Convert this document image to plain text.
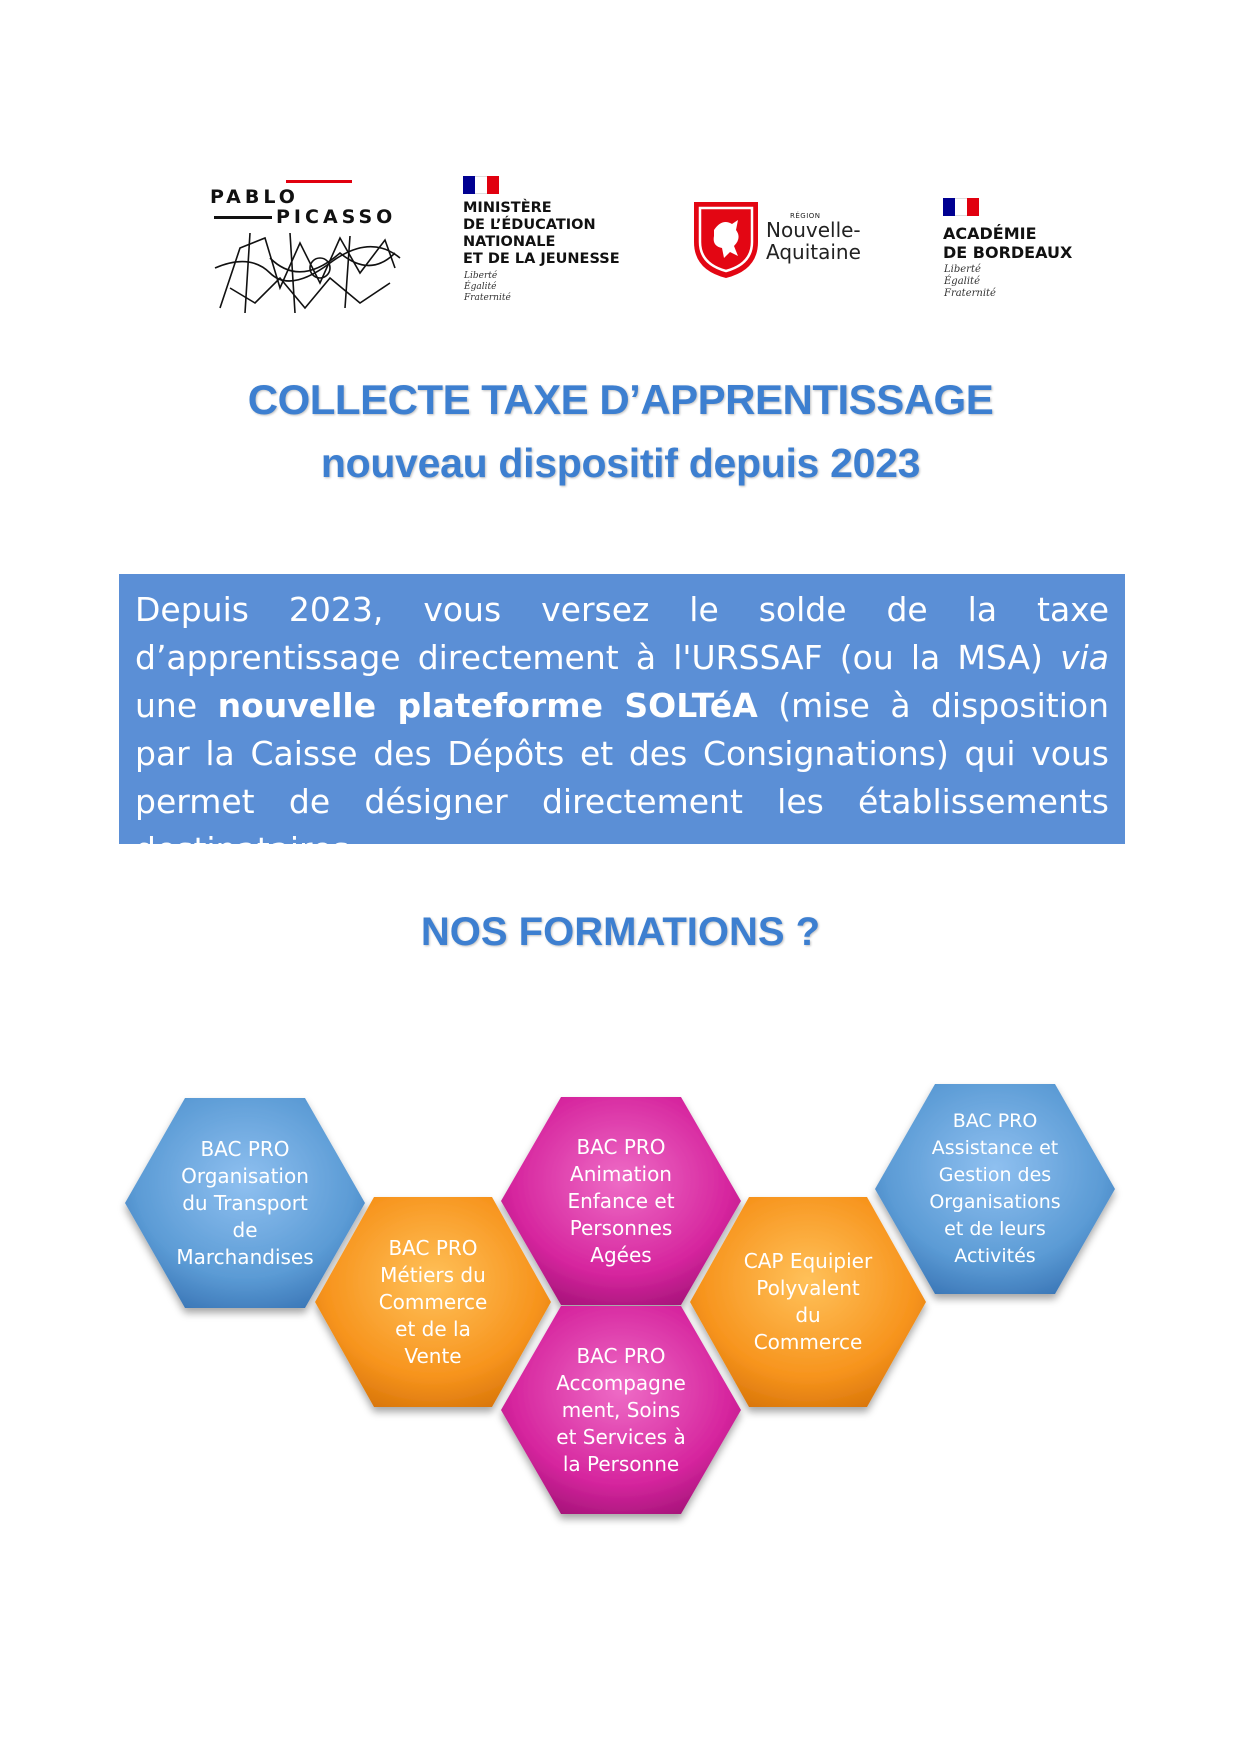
PABLO
PICASSO	MINISTÈRE
DE L’ÉDUCATION
NATIONALE
ET DE LA JEUNESSE
Liberté
Égalité
Fraternité
RÉGION
Nouvelle-
Aquitaine
ACADÉMIE
DE BORDEAUX
Liberté
Égalité
Fraternité
COLLECTE TAXE D’APPRENTISSAGE
nouveau dispositif depuis 2023

Depuis 2023, vous versez le solde de la taxe d’apprentissage directement à l'URSSAF (ou la MSA) via une nouvelle plateforme SOLTéA (mise à disposition par la Caisse des Dépôts et des Consignations) qui vous permet de désigner directement les établissements destinataires.

NOS FORMATIONS ?
BAC PRO
Organisation
du Transport
de
Marchandises	BAC PRO
Métiers du
Commerce
et de la
Vente
BAC PRO
Animation
Enfance et
Personnes
Agées
BAC PRO
Accompagne
ment, Soins
et Services à
la Personne
CAP Equipier
Polyvalent
du
Commerce
BAC PRO
Assistance et
Gestion des
Organisations
et de leurs
Activités
